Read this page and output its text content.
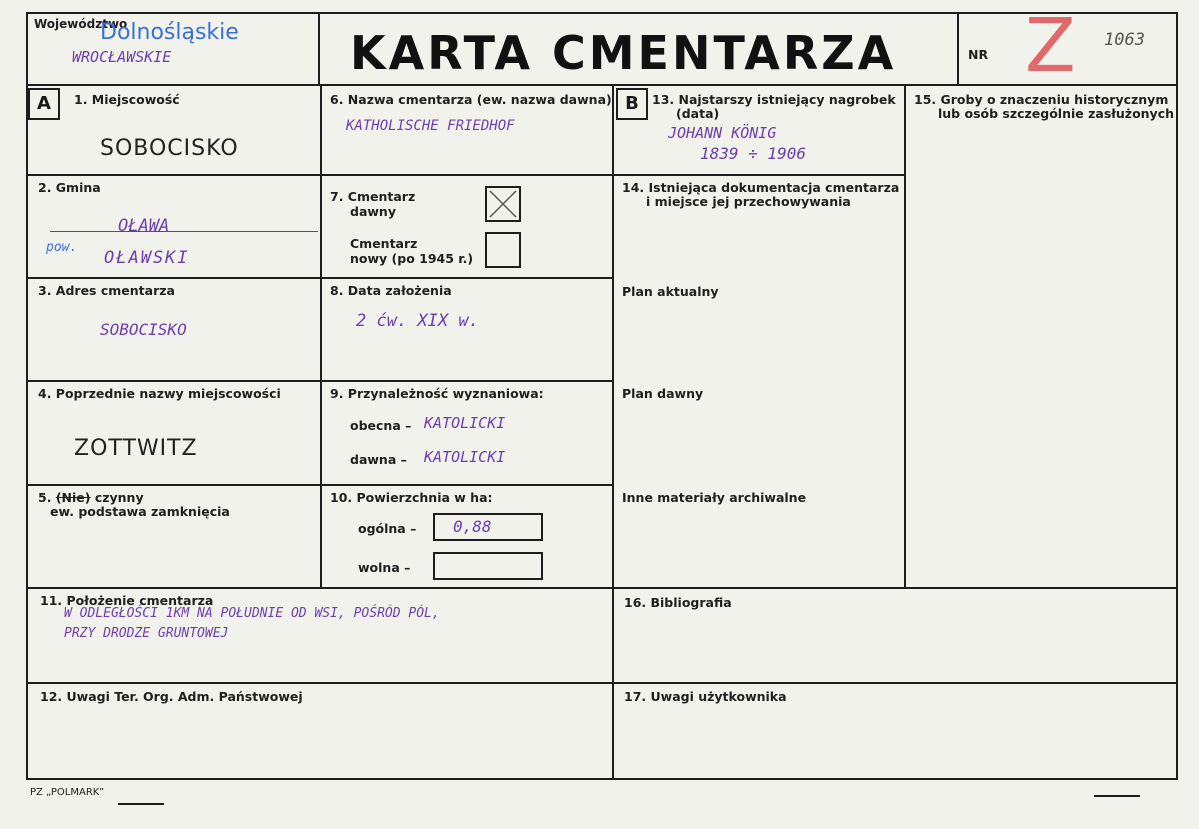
Województwo
Dolnośląskie
WROCŁAWSKIE	KARTA CMENTARZA	NR Z 1063
A	1. Miejscowość
SOBOCISKO
2. Gmina
OŁAWA
pow.
OŁAWSKI
3. Adres cmentarza
SOBOCISKO
4. Poprzednie nazwy miejscowości
ZOTTWITZ
5. (Nie) czynny
ew. podstawa zamknięcia
6. Nazwa cmentarza (ew. nazwa dawna)
KATHOLISCHE FRIEDHOF
7. Cmentarz
dawny
Cmentarz
nowy (po 1945 r.)
8. Data założenia
2 ćw. XIX w.
9. Przynależność wyznaniowa:
obecna – KATOLICKI
dawna – KATOLICKI
10. Powierzchnia w ha:
ogólna – 0,88
wolna –
11. Położenie cmentarza
W ODLEGŁOŚCI 1KM NA POŁUDNIE OD WSI, POŚRÓD PÓL,
PRZY DRODZE GRUNTOWEJ
12. Uwagi Ter. Org. Adm. Państwowej
B	13. Najstarszy istniejący nagrobek
(data)
JOHANN KÖNIG
1839 ÷ 1906
14. Istniejąca dokumentacja cmentarza
i miejsce jej przechowywania
Plan aktualny
Plan dawny
Inne materiały archiwalne
15. Groby o znaczeniu historycznym
lub osób szczególnie zasłużonych
16. Bibliografia
17. Uwagi użytkownika
PZ „POLMARK”
